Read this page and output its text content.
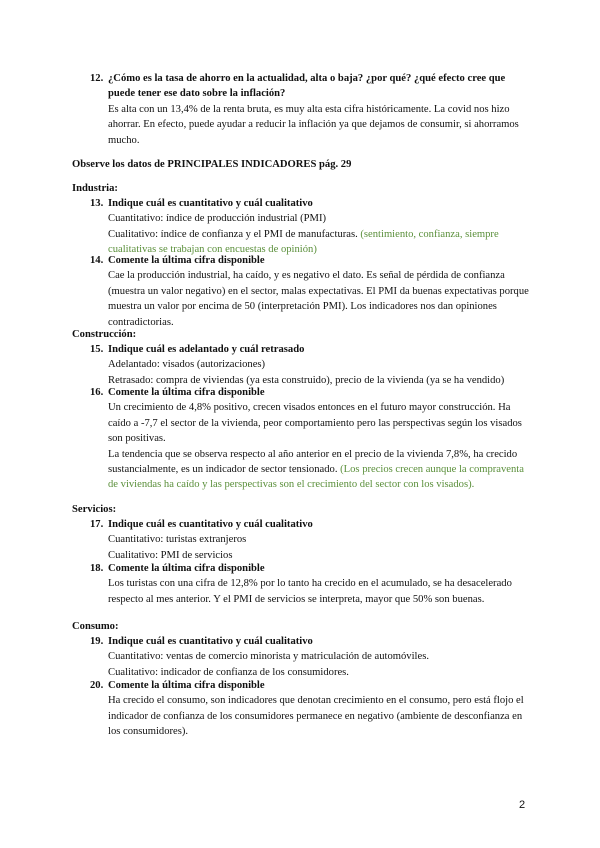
12. ¿Cómo es la tasa de ahorro en la actualidad, alta o baja? ¿por qué? ¿qué efecto cree que puede tener ese dato sobre la inflación?
Es alta con un 13,4% de la renta bruta, es muy alta esta cifra históricamente. La covid nos hizo ahorrar. En efecto, puede ayudar a reducir la inflación ya que dejamos de consumir, si ahorramos mucho.
Observe los datos de PRINCIPALES INDICADORES pág. 29
Industria:
13. Indique cuál es cuantitativo y cuál cualitativo
Cuantitativo: índice de producción industrial (PMI)
Cualitativo: índice de confianza y el PMI de manufacturas. (sentimiento, confianza, siempre cualitativas se trabajan con encuestas de opinión)
14. Comente la última cifra disponible
Cae la producción industrial, ha caído, y es negativo el dato. Es señal de pérdida de confianza (muestra un valor negativo) en el sector, malas expectativas. El PMI da buenas expectativas porque muestra un valor por encima de 50 (interpretación PMI). Los indicadores nos dan opiniones contradictorias.
Construcción:
15. Indique cuál es adelantado y cuál retrasado
Adelantado: visados (autorizaciones)
Retrasado: compra de viviendas (ya esta construido), precio de la vivienda (ya se ha vendido)
16. Comente la última cifra disponible
Un crecimiento de 4,8% positivo, crecen visados entonces en el futuro mayor construcción. Ha caído a -7,7 el sector de la vivienda, peor comportamiento pero las perspectivas según los visados son positivas.
La tendencia que se observa respecto al año anterior en el precio de la vivienda 7,8%, ha crecido sustancialmente, es un indicador de sector tensionado. (Los precios crecen aunque la compraventa de viviendas ha caído y las perspectivas son el crecimiento del sector con los visados).
Servicios:
17. Indique cuál es cuantitativo y cuál cualitativo
Cuantitativo: turistas extranjeros
Cualitativo: PMI de servicios
18. Comente la última cifra disponible
Los turistas con una cifra de 12,8% por lo tanto ha crecido en el acumulado, se ha desacelerado respecto al mes anterior. Y el PMI de servicios se interpreta, mayor que 50% son buenas.
Consumo:
19. Indique cuál es cuantitativo y cuál cualitativo
Cuantitativo: ventas de comercio minorista y matriculación de automóviles.
Cualitativo: indicador de confianza de los consumidores.
20. Comente la última cifra disponible
Ha crecido el consumo, son indicadores que denotan crecimiento en el consumo, pero está flojo el indicador de confianza de los consumidores permanece en negativo (ambiente de desconfianza en los consumidores).
2
